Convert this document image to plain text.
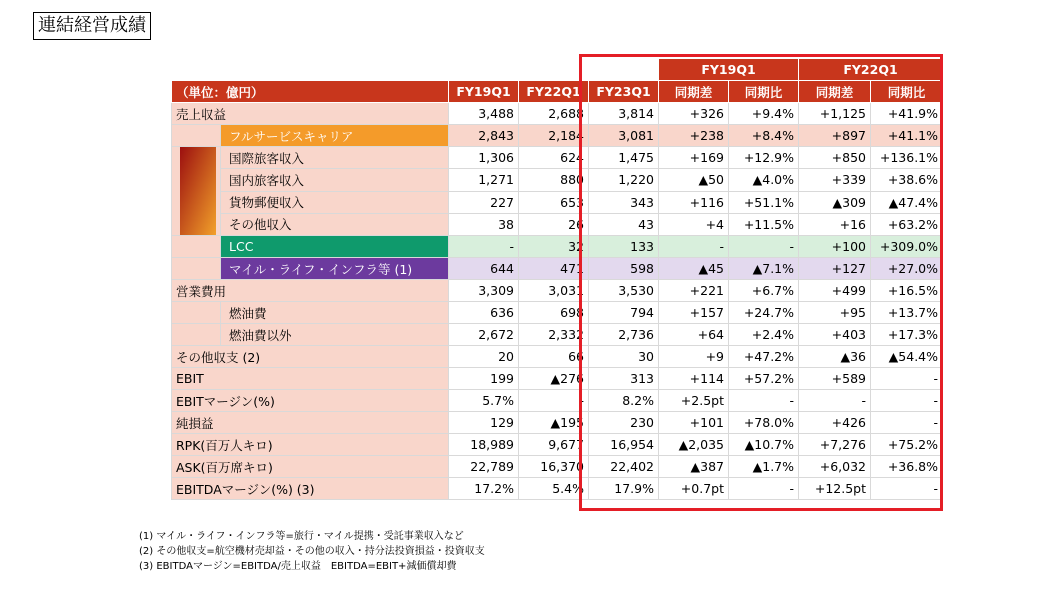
連結経営成績
					FY19Q1		FY22Q1	
（単位：億円）		FY19Q1	FY22Q1	FY23Q1	同期差	同期比	同期差	同期比
売上収益		3,488	2,688	3,814	+326	+9.4%	+1,125	+41.9%
	フルサービスキャリア	2,843	2,184	3,081	+238	+8.4%	+897	+41.1%

	国際旅客収入	1,306	624	1,475	+169	+12.9%	+850	+136.1%
	国内旅客収入	1,271	880	1,220	▲50	▲4.0%	+339	+38.6%
	貨物郵便収入	227	653	343	+116	+51.1%	▲309	▲47.4%
	その他収入	38	26	43	+4	+11.5%	+16	+63.2%
	LCC	-	32	133	-	-	+100	+309.0%
	マイル・ライフ・インフラ等 (1)	644	471	598	▲45	▲7.1%	+127	+27.0%
営業費用		3,309	3,031	3,530	+221	+6.7%	+499	+16.5%
	燃油費	636	698	794	+157	+24.7%	+95	+13.7%
	燃油費以外	2,672	2,332	2,736	+64	+2.4%	+403	+17.3%
その他収支 (2)		20	66	30	+9	+47.2%	▲36	▲54.4%
EBIT		199	▲276	313	+114	+57.2%	+589	-
EBITマージン(%)		5.7%	-	8.2%	+2.5pt	-	-	-
純損益		129	▲195	230	+101	+78.0%	+426	-
RPK(百万人キロ)		18,989	9,677	16,954	▲2,035	▲10.7%	+7,276	+75.2%
ASK(百万席キロ)		22,789	16,370	22,402	▲387	▲1.7%	+6,032	+36.8%
EBITDAマージン(%) (3)		17.2%	5.4%	17.9%	+0.7pt	-	+12.5pt	-
(1) マイル・ライフ・インフラ等=旅行・マイル提携・受託事業収入など
(2) その他収支=航空機材売却益・その他の収入・持分法投資損益・投資収支
(3) EBITDAマージン=EBITDA/売上収益　EBITDA=EBIT+減価償却費
